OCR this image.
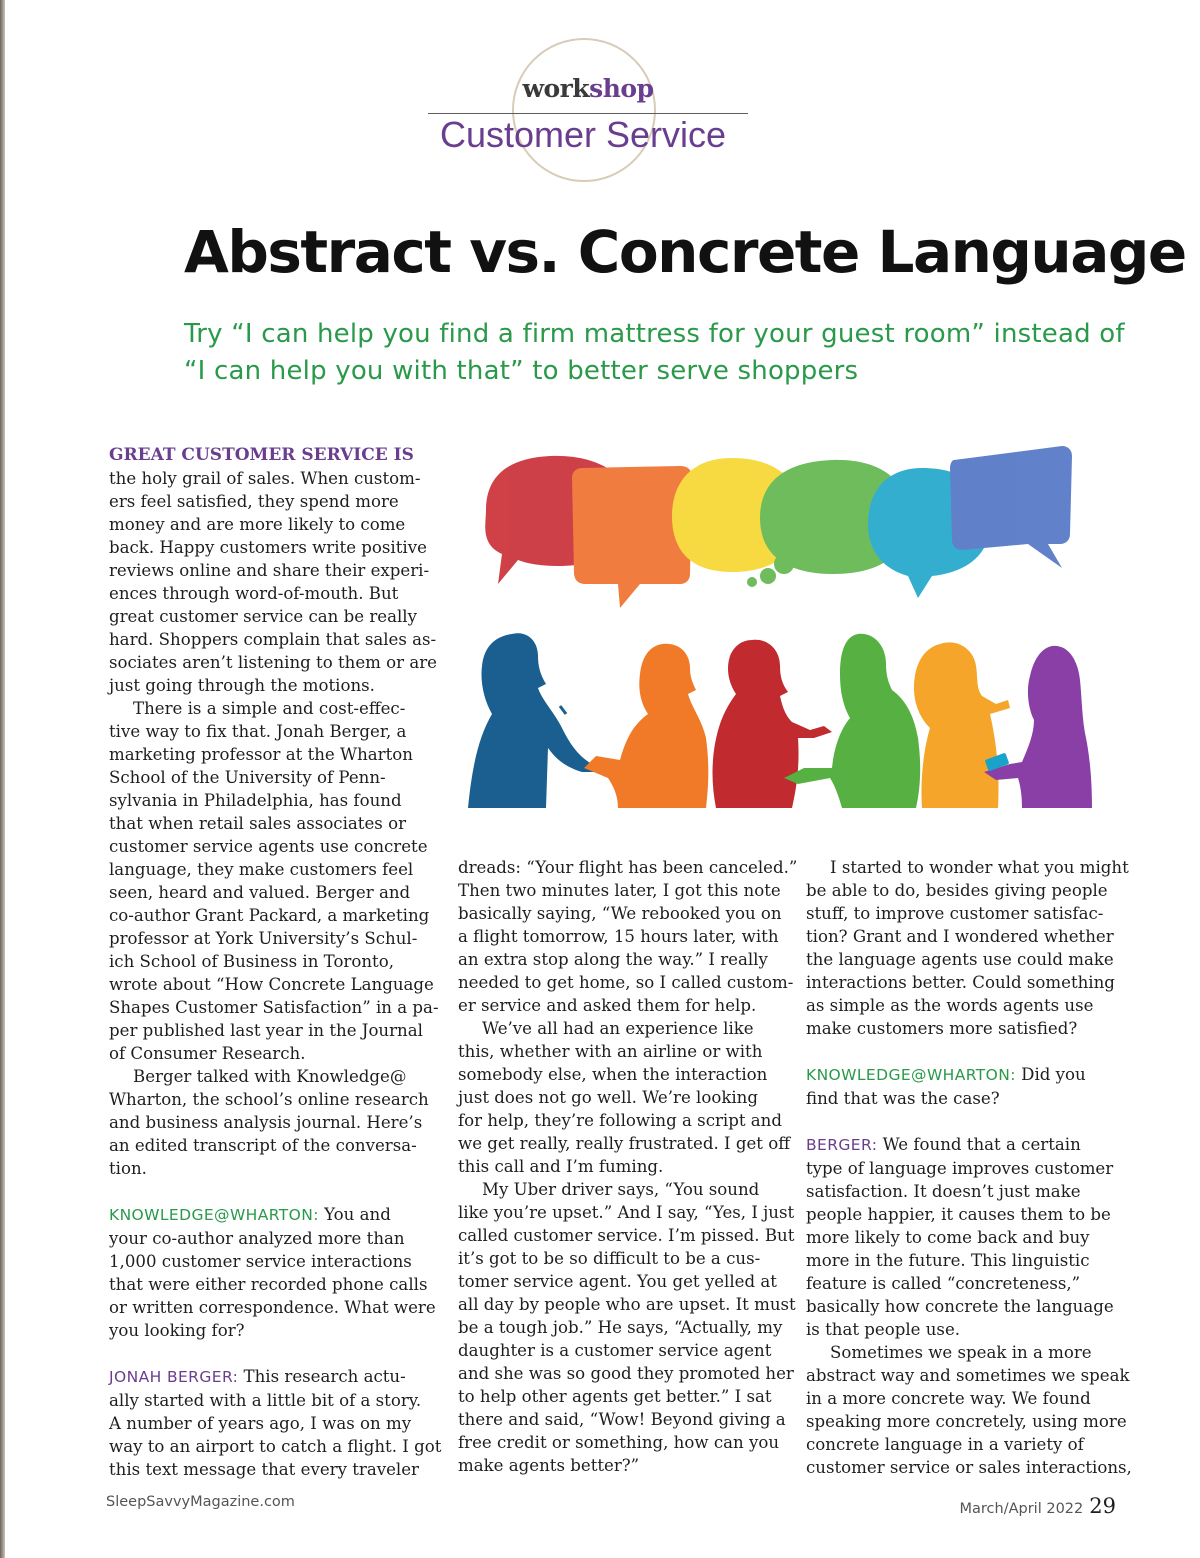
workshop
Customer Service
Abstract vs. Concrete Language
Try “I can help you find a firm mattress for your guest room” instead of
“I can help you with that” to better serve shoppers

GREAT CUSTOMER SERVICE IS

the holy grail of sales. When custom-

ers feel satisfied, they spend more

money and are more likely to come

back. Happy customers write positive

reviews online and share their experi-

ences through word-of-mouth. But

great customer service can be really

hard. Shoppers complain that sales as-

sociates aren’t listening to them or are

just going through the motions.

There is a simple and cost-effec-

tive way to fix that. Jonah Berger, a

marketing professor at the Wharton

School of the University of Penn-

sylvania in Philadelphia, has found

that when retail sales associates or

customer service agents use concrete

language, they make customers feel

seen, heard and valued. Berger and

co-author Grant Packard, a marketing

professor at York University’s Schul-

ich School of Business in Toronto,

wrote about “How Concrete Language

Shapes Customer Satisfaction” in a pa-

per published last year in the Journal

of Consumer Research.

Berger talked with Knowledge@

Wharton, the school’s online research

and business analysis journal. Here’s

an edited transcript of the conversa-

tion.

KNOWLEDGE@WHARTON: You and

your co-author analyzed more than

1,000 customer service interactions

that were either recorded phone calls

or written correspondence. What were

you looking for?

JONAH BERGER: This research actu-

ally started with a little bit of a story.

A number of years ago, I was on my

way to an airport to catch a flight. I got

this text message that every traveler

dreads: “Your flight has been canceled.”

Then two minutes later, I got this note

basically saying, “We rebooked you on

a flight tomorrow, 15 hours later, with

an extra stop along the way.” I really

needed to get home, so I called custom-

er service and asked them for help.

We’ve all had an experience like

this, whether with an airline or with

somebody else, when the interaction

just does not go well. We’re looking

for help, they’re following a script and

we get really, really frustrated. I get off

this call and I’m fuming.

My Uber driver says, “You sound

like you’re upset.” And I say, “Yes, I just

called customer service. I’m pissed. But

it’s got to be so difficult to be a cus-

tomer service agent. You get yelled at

all day by people who are upset. It must

be a tough job.” He says, “Actually, my

daughter is a customer service agent

and she was so good they promoted her

to help other agents get better.” I sat

there and said, “Wow! Beyond giving a

free credit or something, how can you

make agents better?”

I started to wonder what you might

be able to do, besides giving people

stuff, to improve customer satisfac-

tion? Grant and I wondered whether

the language agents use could make

interactions better. Could something

as simple as the words agents use

make customers more satisfied?

KNOWLEDGE@WHARTON: Did you

find that was the case?

BERGER: We found that a certain

type of language improves customer

satisfaction. It doesn’t just make

people happier, it causes them to be

more likely to come back and buy

more in the future. This linguistic

feature is called “concreteness,”

basically how concrete the language

is that people use.

Sometimes we speak in a more

abstract way and sometimes we speak

in a more concrete way. We found

speaking more concretely, using more

concrete language in a variety of

customer service or sales interactions,

SleepSavvyMagazine.com	March/April 2022 29
